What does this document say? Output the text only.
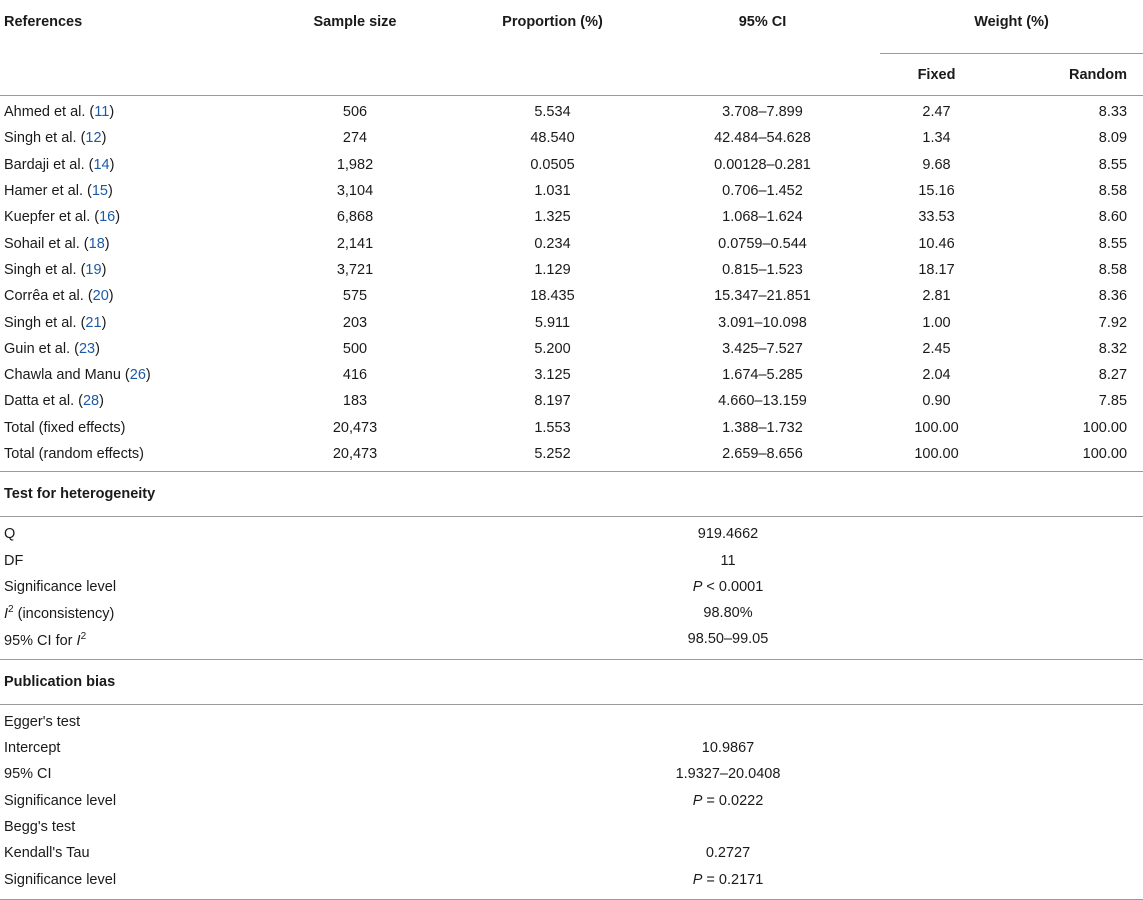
References	Sample size	Proportion (%)	95% CI	Weight (%)	
				Fixed	Random
Ahmed et al. (11)	506	5.534	3.708–7.899	2.47	8.33
Singh et al. (12)	274	48.540	42.484–54.628	1.34	8.09
Bardaji et al. (14)	1,982	0.0505	0.00128–0.281	9.68	8.55
Hamer et al. (15)	3,104	1.031	0.706–1.452	15.16	8.58
Kuepfer et al. (16)	6,868	1.325	1.068–1.624	33.53	8.60
Sohail et al. (18)	2,141	0.234	0.0759–0.544	10.46	8.55
Singh et al. (19)	3,721	1.129	0.815–1.523	18.17	8.58
Corrêa et al. (20)	575	18.435	15.347–21.851	2.81	8.36
Singh et al. (21)	203	5.911	3.091–10.098	1.00	7.92
Guin et al. (23)	500	5.200	3.425–7.527	2.45	8.32
Chawla and Manu (26)	416	3.125	1.674–5.285	2.04	8.27
Datta et al. (28)	183	8.197	4.660–13.159	0.90	7.85
Total (fixed effects)	20,473	1.553	1.388–1.732	100.00	100.00
Total (random effects)	20,473	5.252	2.659–8.656	100.00	100.00
Test for heterogeneity					
Q		919.4662			
DF		11			
Significance level		P < 0.0001			
$I^2$ (inconsistency)		98.80%			
95% CI for $I^2$		98.50–99.05			
Publication bias					
Egger's test					
Intercept		10.9867			
95% CI		1.9327–20.0408			
Significance level		P = 0.0222			
Begg's test					
Kendall's Tau		0.2727			
Significance level		P = 0.2171			
